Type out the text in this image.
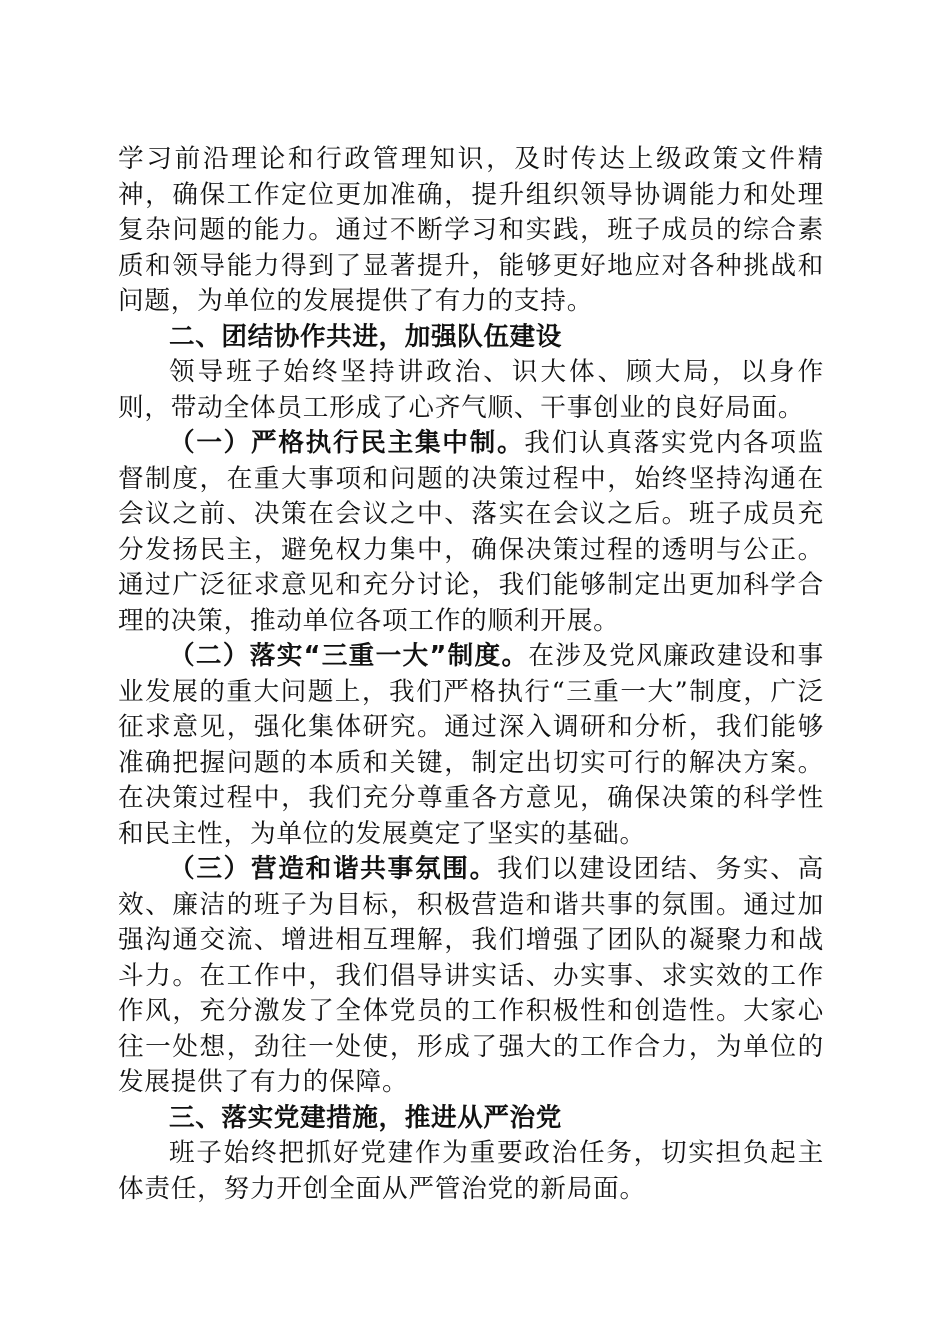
学习前沿理论和行政管理知识，及时传达上级政策文件精神，确保工作定位更加准确，提升组织领导协调能力和处理复杂问题的能力。通过不断学习和实践，班子成员的综合素质和领导能力得到了显著提升，能够更好地应对各种挑战和问题，为单位的发展提供了有力的支持。

二、团结协作共进，加强队伍建设

领导班子始终坚持讲政治、识大体、顾大局，以身作则，带动全体员工形成了心齐气顺、干事创业的良好局面。

（一）严格执行民主集中制。我们认真落实党内各项监督制度，在重大事项和问题的决策过程中，始终坚持沟通在会议之前、决策在会议之中、落实在会议之后。班子成员充分发扬民主，避免权力集中，确保决策过程的透明与公正。通过广泛征求意见和充分讨论，我们能够制定出更加科学合理的决策，推动单位各项工作的顺利开展。

（二）落实“三重一大”制度。在涉及党风廉政建设和事业发展的重大问题上，我们严格执行“三重一大”制度，广泛征求意见，强化集体研究。通过深入调研和分析，我们能够准确把握问题的本质和关键，制定出切实可行的解决方案。在决策过程中，我们充分尊重各方意见，确保决策的科学性和民主性，为单位的发展奠定了坚实的基础。

（三）营造和谐共事氛围。我们以建设团结、务实、高效、廉洁的班子为目标，积极营造和谐共事的氛围。通过加强沟通交流、增进相互理解，我们增强了团队的凝聚力和战斗力。在工作中，我们倡导讲实话、办实事、求实效的工作作风，充分激发了全体党员的工作积极性和创造性。大家心往一处想，劲往一处使，形成了强大的工作合力，为单位的发展提供了有力的保障。

三、落实党建措施，推进从严治党

班子始终把抓好党建作为重要政治任务，切实担负起主体责任，努力开创全面从严管治党的新局面。
